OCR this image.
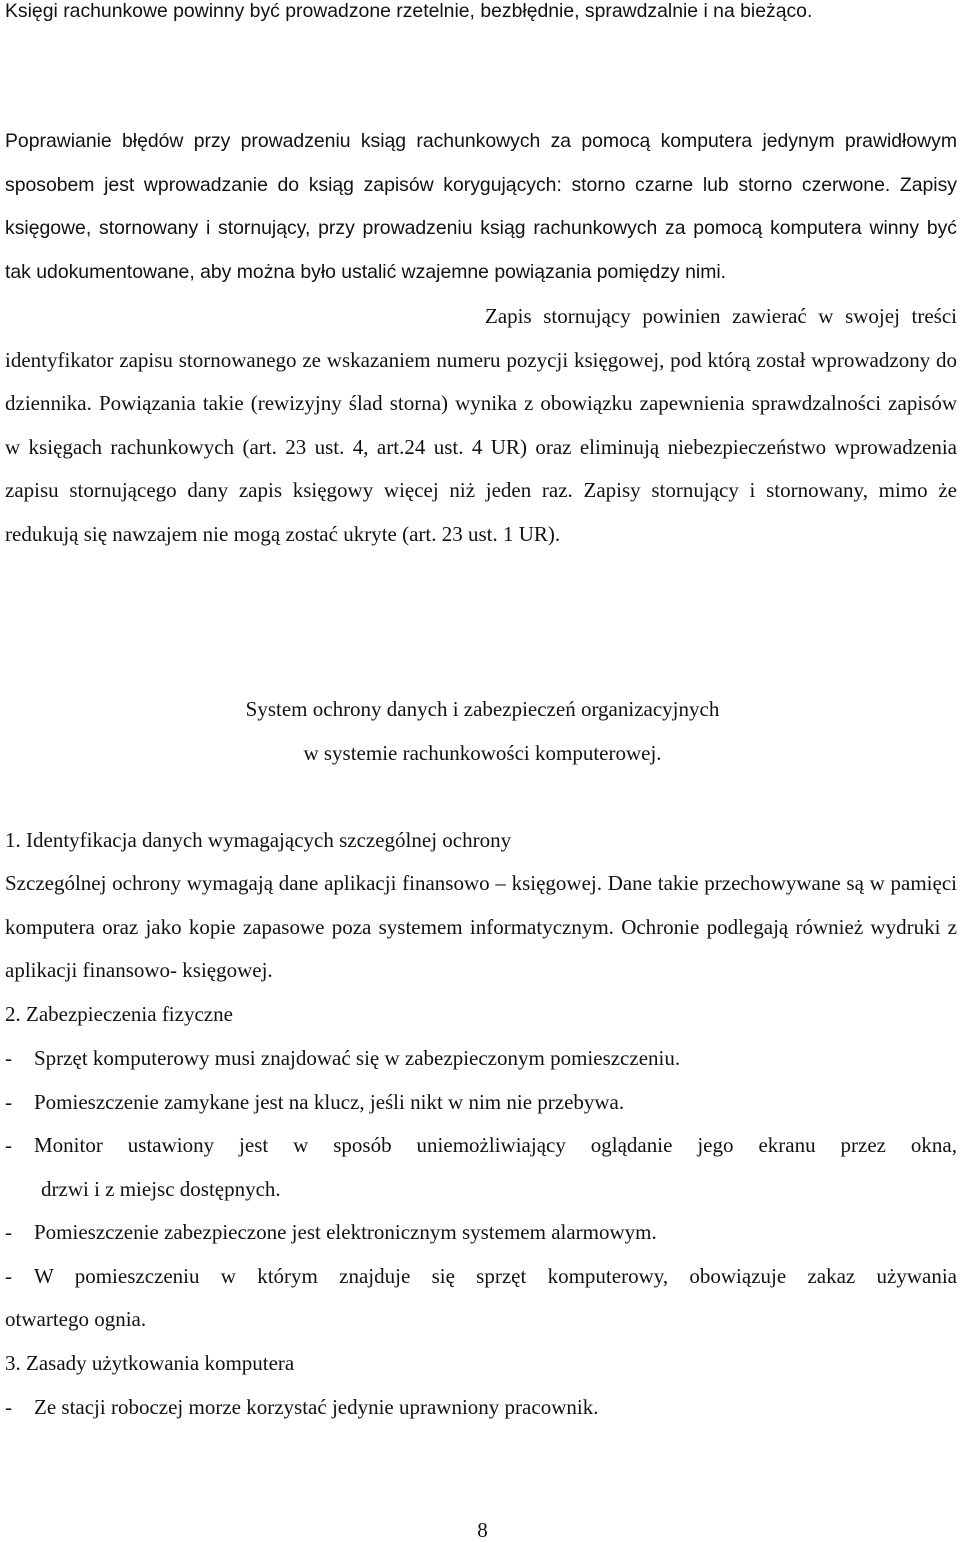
Księgi rachunkowe powinny być prowadzone rzetelnie, bezbłędnie, sprawdzalnie i na bieżąco.

Poprawianie błędów przy prowadzeniu ksiąg rachunkowych za pomocą komputera jedynym prawidłowym sposobem jest wprowadzanie do ksiąg zapisów korygujących: storno czarne lub storno czerwone. Zapisy księgowe, stornowany i stornujący, przy prowadzeniu ksiąg rachunkowych za pomocą komputera winny być tak udokumentowane, aby można było ustalić wzajemne powiązania pomiędzy nimi.

Zapis stornujący powinien zawierać w swojej treści identyfikator zapisu stornowanego ze wskazaniem numeru pozycji księgowej, pod którą został wprowadzony do dziennika. Powiązania takie (rewizyjny ślad storna) wynika z obowiązku zapewnienia sprawdzalności zapisów w księgach rachunkowych (art. 23 ust. 4, art.24 ust. 4 UR) oraz eliminują niebezpieczeństwo wprowadzenia zapisu stornującego dany zapis księgowy więcej niż jeden raz. Zapisy stornujący i stornowany, mimo że redukują się nawzajem nie mogą zostać ukryte (art. 23 ust. 1 UR).

System ochrony danych i zabezpieczeń organizacyjnych
w systemie rachunkowości komputerowej.
1. Identyfikacja danych wymagających szczególnej ochrony

Szczególnej ochrony wymagają dane aplikacji finansowo – księgowej. Dane takie przechowywane są w pamięci komputera oraz jako kopie zapasowe poza systemem informatycznym. Ochronie podlegają również wydruki z aplikacji finansowo- księgowej.

2. Zabezpieczenia fizyczne
- Sprzęt komputerowy musi znajdować się w zabezpieczonym pomieszczeniu.
- Pomieszczenie zamykane jest na klucz, jeśli nikt w nim nie przebywa.
- Monitor ustawiony jest w sposób uniemożliwiający oglądanie jego ekranu przez okna,
drzwi i z miejsc dostępnych.
- Pomieszczenie zabezpieczone jest elektronicznym systemem alarmowym.
- W pomieszczeniu w którym znajduje się sprzęt komputerowy, obowiązuje zakaz używania
otwartego ognia.
3. Zasady użytkowania komputera
- Ze stacji roboczej morze korzystać jedynie uprawniony pracownik.
8
